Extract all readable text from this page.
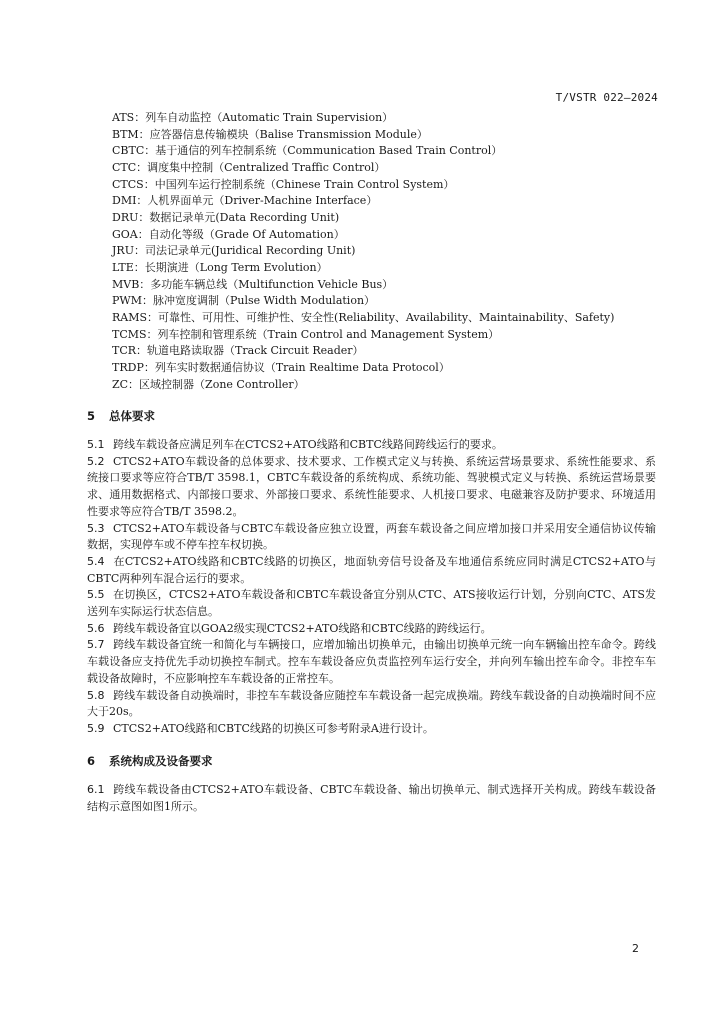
T/VSTR 022—2024
ATS：列车自动监控（Automatic Train Supervision）
BTM：应答器信息传输模块（Balise Transmission Module）
CBTC：基于通信的列车控制系统（Communication Based Train Control）
CTC：调度集中控制（Centralized Traffic Control）
CTCS：中国列车运行控制系统（Chinese Train Control System）
DMI：人机界面单元（Driver-Machine Interface）
DRU：数据记录单元(Data Recording Unit)
GOA：自动化等级（Grade Of Automation）
JRU：司法记录单元(Juridical Recording Unit)
LTE：长期演进（Long Term Evolution）
MVB：多功能车辆总线（Multifunction Vehicle Bus）
PWM：脉冲宽度调制（Pulse Width Modulation）
RAMS：可靠性、可用性、可维护性、安全性(Reliability、Availability、Maintainability、Safety)
TCMS：列车控制和管理系统（Train Control and Management System）
TCR：轨道电路读取器（Track Circuit Reader）
TRDP：列车实时数据通信协议（Train Realtime Data Protocol）
ZC：区域控制器（Zone Controller）
5 总体要求
5.1 跨线车载设备应满足列车在CTCS2+ATO线路和CBTC线路间跨线运行的要求。
5.2 CTCS2+ATO车载设备的总体要求、技术要求、工作模式定义与转换、系统运营场景要求、系统性能要求、系统接口要求等应符合TB/T 3598.1，CBTC车载设备的系统构成、系统功能、驾驶模式定义与转换、系统运营场景要求、通用数据格式、内部接口要求、外部接口要求、系统性能要求、人机接口要求、电磁兼容及防护要求、环境适用性要求等应符合TB/T 3598.2。
5.3 CTCS2+ATO车载设备与CBTC车载设备应独立设置，两套车载设备之间应增加接口并采用安全通信协议传输数据，实现停车或不停车控车权切换。
5.4 在CTCS2+ATO线路和CBTC线路的切换区，地面轨旁信号设备及车地通信系统应同时满足CTCS2+ATO与CBTC两种列车混合运行的要求。
5.5 在切换区，CTCS2+ATO车载设备和CBTC车载设备宜分别从CTC、ATS接收运行计划，分别向CTC、ATS发送列车实际运行状态信息。
5.6 跨线车载设备宜以GOA2级实现CTCS2+ATO线路和CBTC线路的跨线运行。
5.7 跨线车载设备宜统一和简化与车辆接口，应增加输出切换单元，由输出切换单元统一向车辆输出控车命令。跨线车载设备应支持优先手动切换控车制式。控车车载设备应负责监控列车运行安全，并向列车输出控车命令。非控车车载设备故障时，不应影响控车车载设备的正常控车。
5.8 跨线车载设备自动换端时，非控车车载设备应随控车车载设备一起完成换端。跨线车载设备的自动换端时间不应大于20s。
5.9 CTCS2+ATO线路和CBTC线路的切换区可参考附录A进行设计。
6 系统构成及设备要求
6.1 跨线车载设备由CTCS2+ATO车载设备、CBTC车载设备、输出切换单元、制式选择开关构成。跨线车载设备结构示意图如图1所示。
2
